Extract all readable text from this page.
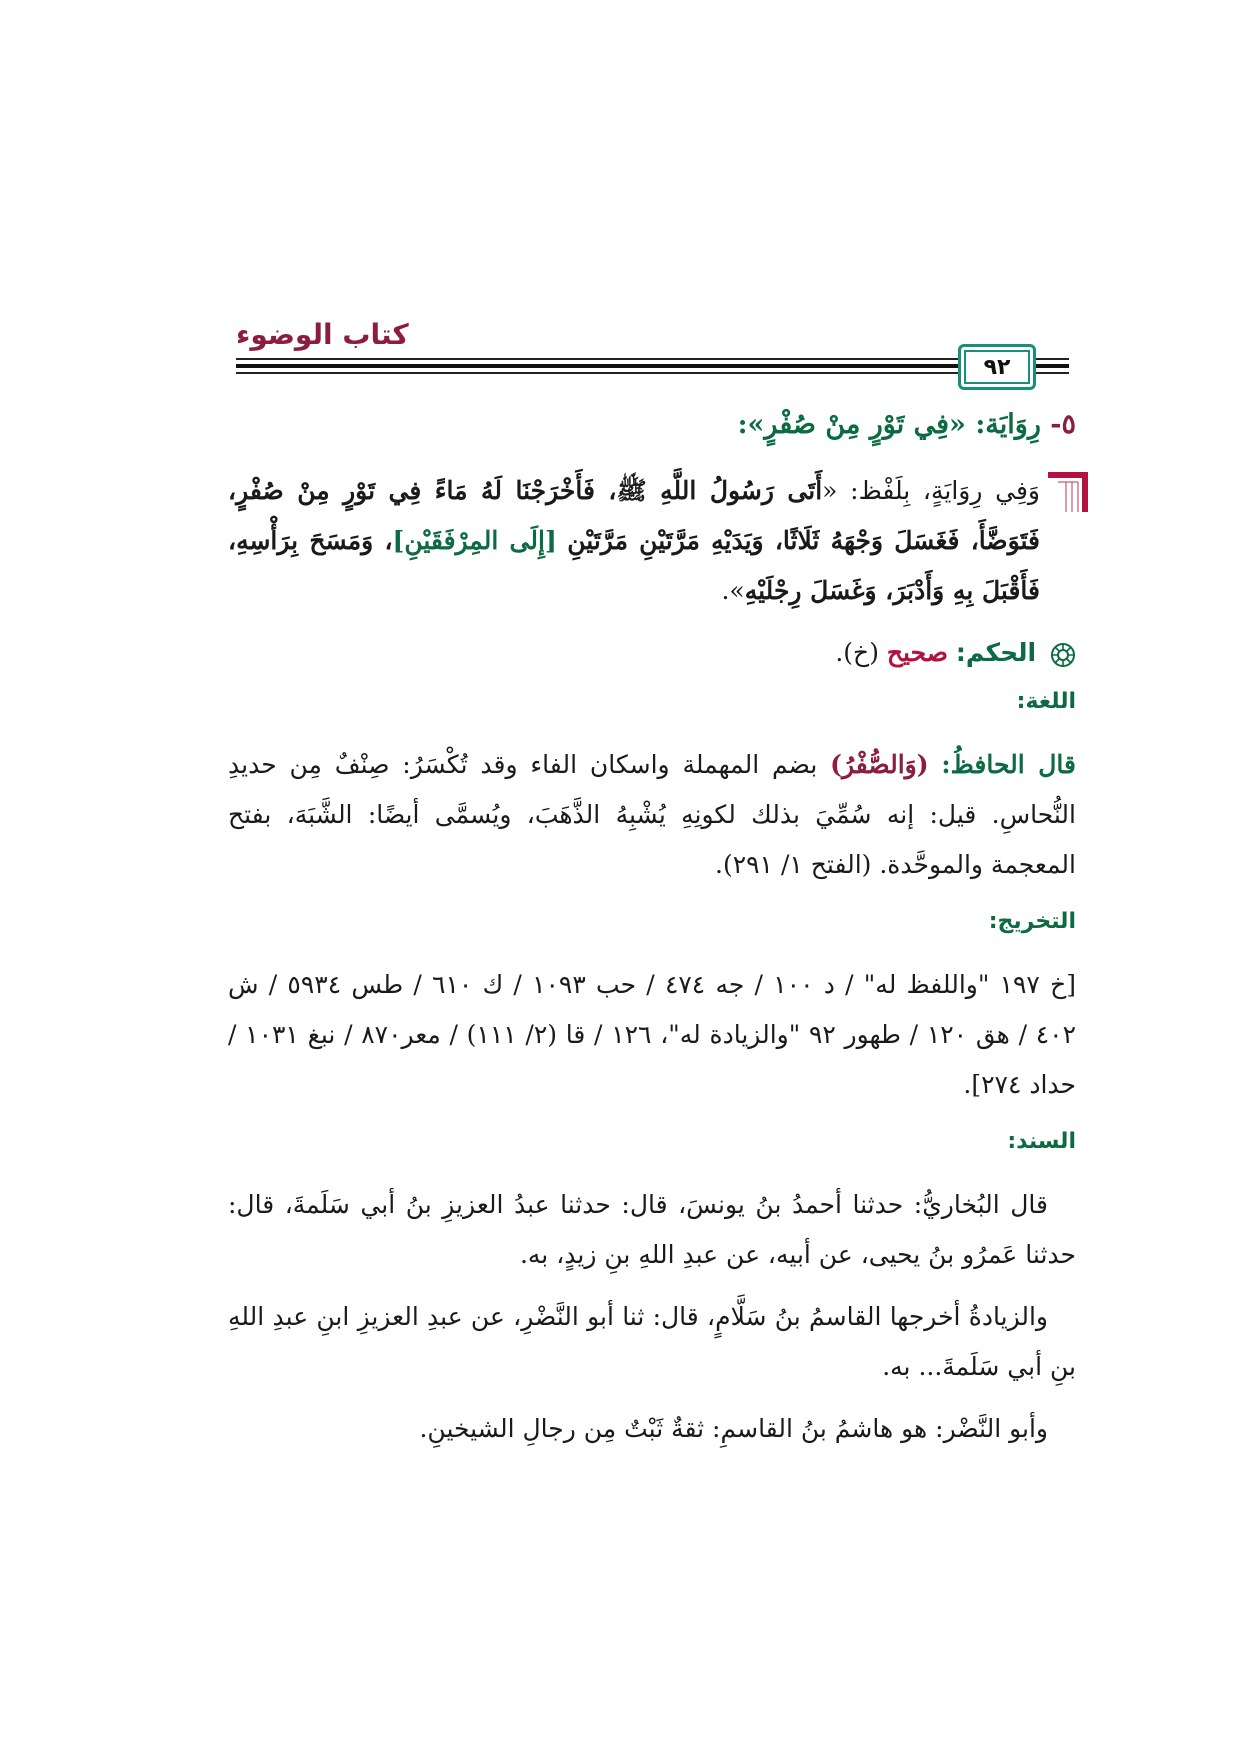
كتاب الوضوء
٩٢
٥- رِوَايَة: «فِي تَوْرٍ مِنْ صُفْرٍ»:
وَفِي رِوَايَةٍ، بِلَفْظ: «أَتَى رَسُولُ اللَّهِ ﷺ، فَأَخْرَجْنَا لَهُ مَاءً فِي تَوْرٍ مِنْ صُفْرٍ، فَتَوَضَّأَ، فَغَسَلَ وَجْهَهُ ثَلَاثًا، وَيَدَيْهِ مَرَّتَيْنِ مَرَّتَيْنِ [إِلَى المِرْفَقَيْنِ]، وَمَسَحَ بِرَأْسِهِ، فَأَقْبَلَ بِهِ وَأَدْبَرَ، وَغَسَلَ رِجْلَيْهِ».
الحكم: صحيح (خ).
اللغة:

قال الحافظُ: (وَالصُّفْرُ) بضم المهملة واسكان الفاء وقد تُكْسَرُ: صِنْفٌ مِن حديدِ النُّحاسِ. قيل: إنه سُمِّيَ بذلك لكونِهِ يُشْبِهُ الذَّهَبَ، ويُسمَّى أيضًا: الشَّبَهَ، بفتح المعجمة والموحَّدة. (الفتح ١/ ٢٩١).

التخريج:

[خ ١٩٧ "واللفظ له" / د ١٠٠ / جه ٤٧٤ / حب ١٠٩٣ / ك ٦١٠ / طس ٥٩٣٤ / ش ٤٠٢ / هق ١٢٠ / طهور ٩٢ "والزيادة له"، ١٢٦ / قا (٢/ ١١١) / معر٨٧٠ / نبغ ١٠٣١ / حداد ٢٧٤].

السند:

قال البُخاريُّ: حدثنا أحمدُ بنُ يونسَ، قال: حدثنا عبدُ العزيزِ بنُ أبي سَلَمةَ، قال: حدثنا عَمرُو بنُ يحيى، عن أبيه، عن عبدِ اللهِ بنِ زيدٍ، به.

والزيادةُ أخرجها القاسمُ بنُ سَلَّامٍ، قال: ثنا أبو النَّضْرِ، عن عبدِ العزيزِ ابنِ عبدِ اللهِ بنِ أبي سَلَمةَ... به.

وأبو النَّضْر: هو هاشمُ بنُ القاسمِ: ثقةٌ ثَبْتٌ مِن رجالِ الشيخينِ.
